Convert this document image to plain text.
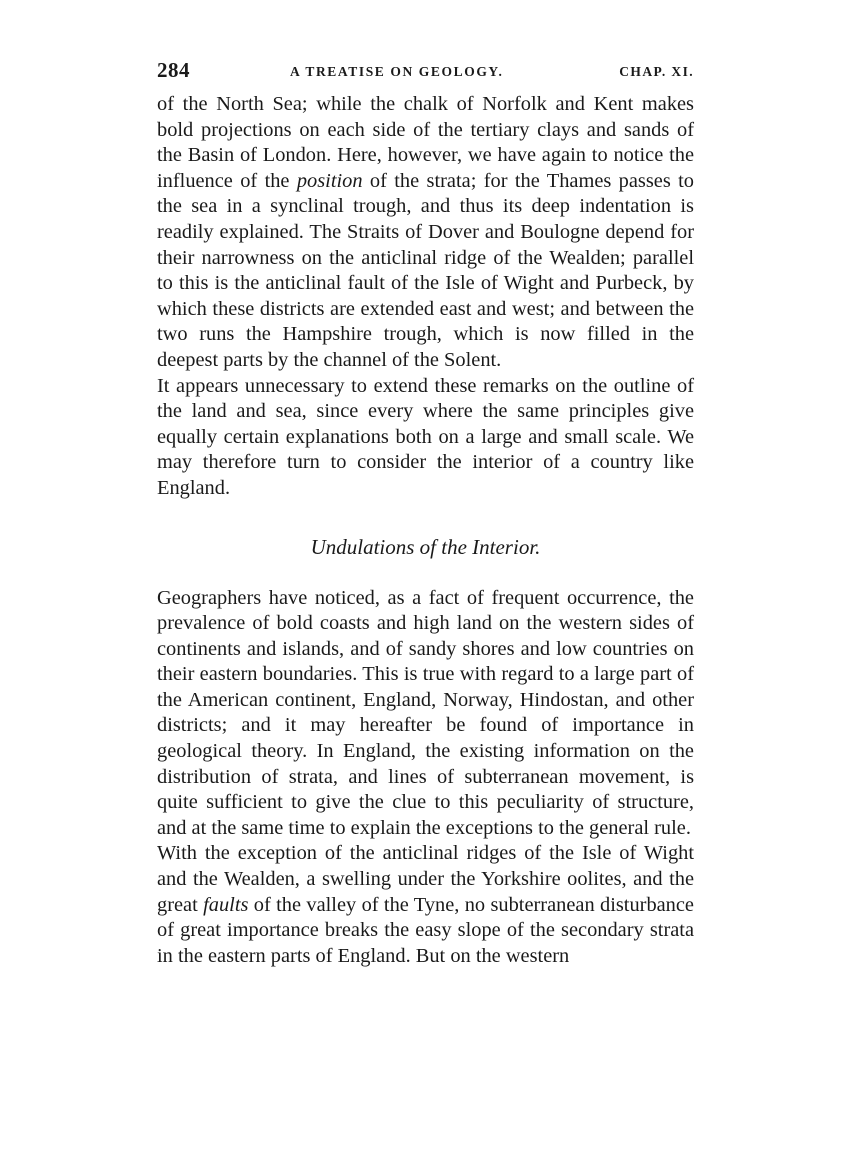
284	A TREATISE ON GEOLOGY.	CHAP. XI.

of the North Sea; while the chalk of Norfolk and Kent makes bold projections on each side of the tertiary clays and sands of the Basin of London. Here, however, we have again to notice the influence of the position of the strata; for the Thames passes to the sea in a synclinal trough, and thus its deep indentation is readily explained. The Straits of Dover and Boulogne depend for their narrowness on the anticlinal ridge of the Wealden; parallel to this is the anticlinal fault of the Isle of Wight and Purbeck, by which these districts are extended east and west; and between the two runs the Hampshire trough, which is now filled in the deepest parts by the channel of the Solent.

It appears unnecessary to extend these remarks on the outline of the land and sea, since every where the same principles give equally certain explanations both on a large and small scale. We may therefore turn to consider the interior of a country like England.

Undulations of the Interior.

Geographers have noticed, as a fact of frequent occurrence, the prevalence of bold coasts and high land on the western sides of continents and islands, and of sandy shores and low countries on their eastern boundaries. This is true with regard to a large part of the American continent, England, Norway, Hindostan, and other districts; and it may hereafter be found of importance in geological theory. In England, the existing information on the distribution of strata, and lines of subterranean movement, is quite sufficient to give the clue to this peculiarity of structure, and at the same time to explain the exceptions to the general rule.

With the exception of the anticlinal ridges of the Isle of Wight and the Wealden, a swelling under the Yorkshire oolites, and the great faults of the valley of the Tyne, no subterranean disturbance of great importance breaks the easy slope of the secondary strata in the eastern parts of England. But on the western
